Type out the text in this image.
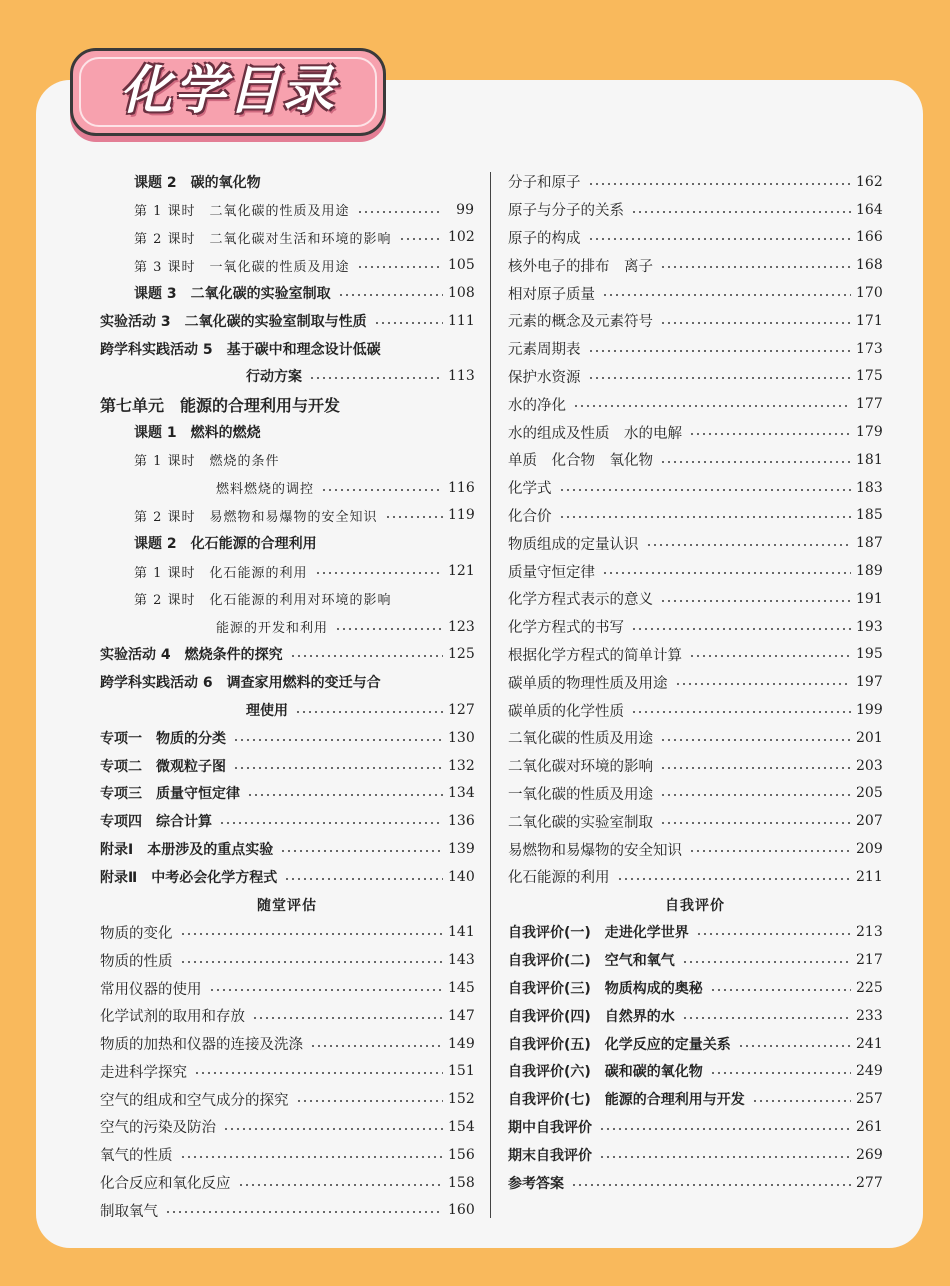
化学目录
课题 2　碳的氧化物
第 1 课时　二氧化碳的性质及用途	99
第 2 课时　二氧化碳对生活和环境的影响	102
第 3 课时　一氧化碳的性质及用途	105
课题 3　二氧化碳的实验室制取	108
实验活动 3　二氧化碳的实验室制取与性质	111
跨学科实践活动 5　基于碳中和理念设计低碳
行动方案	113
第七单元　能源的合理利用与开发
课题 1　燃料的燃烧
第 1 课时　燃烧的条件
燃料燃烧的调控	116
第 2 课时　易燃物和易爆物的安全知识	119
课题 2　化石能源的合理利用
第 1 课时　化石能源的利用	121
第 2 课时　化石能源的利用对环境的影响
能源的开发和利用	123
实验活动 4　燃烧条件的探究	125
跨学科实践活动 6　调查家用燃料的变迁与合
理使用	127
专项一　物质的分类	130
专项二　微观粒子图	132
专项三　质量守恒定律	134
专项四　综合计算	136
附录Ⅰ　本册涉及的重点实验	139
附录Ⅱ　中考必会化学方程式	140
随堂评估
物质的变化	141
物质的性质	143
常用仪器的使用	145
化学试剂的取用和存放	147
物质的加热和仪器的连接及洗涤	149
走进科学探究	151
空气的组成和空气成分的探究	152
空气的污染及防治	154
氧气的性质	156
化合反应和氧化反应	158
制取氧气	160
分子和原子	162
原子与分子的关系	164
原子的构成	166
核外电子的排布　离子	168
相对原子质量	170
元素的概念及元素符号	171
元素周期表	173
保护水资源	175
水的净化	177
水的组成及性质　水的电解	179
单质　化合物　氧化物	181
化学式	183
化合价	185
物质组成的定量认识	187
质量守恒定律	189
化学方程式表示的意义	191
化学方程式的书写	193
根据化学方程式的简单计算	195
碳单质的物理性质及用途	197
碳单质的化学性质	199
二氧化碳的性质及用途	201
二氧化碳对环境的影响	203
一氧化碳的性质及用途	205
二氧化碳的实验室制取	207
易燃物和易爆物的安全知识	209
化石能源的利用	211
自我评价
自我评价(一)　走进化学世界	213
自我评价(二)　空气和氧气	217
自我评价(三)　物质构成的奥秘	225
自我评价(四)　自然界的水	233
自我评价(五)　化学反应的定量关系	241
自我评价(六)　碳和碳的氧化物	249
自我评价(七)　能源的合理利用与开发	257
期中自我评价	261
期末自我评价	269
参考答案	277
